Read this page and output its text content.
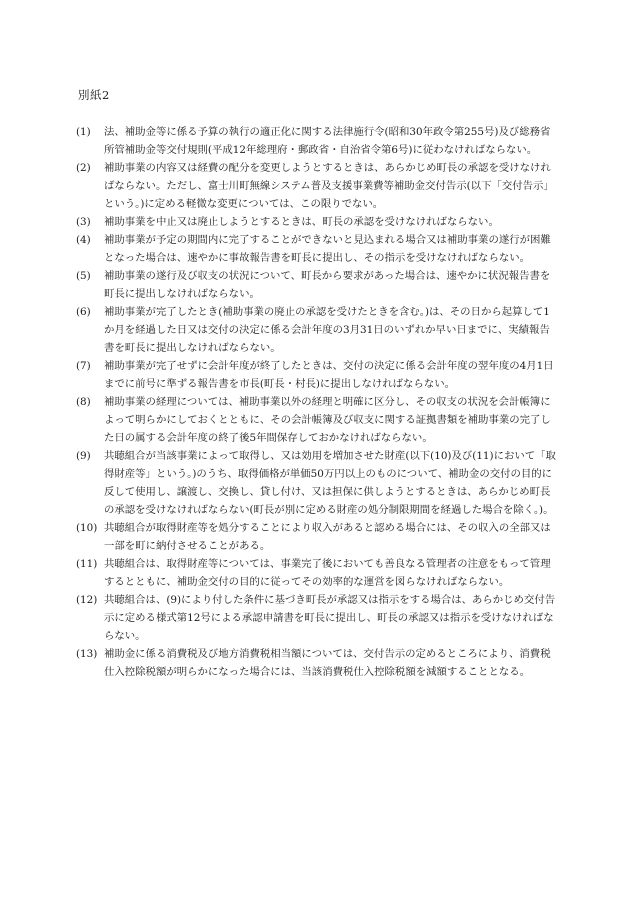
別紙2
(1)	法、補助金等に係る予算の執行の適正化に関する法律施行令(昭和30年政令第255号)及び総務省所管補助金等交付規則(平成12年総理府・郵政省・自治省令第6号)に従わなければならない。
(2)	補助事業の内容又は経費の配分を変更しようとするときは、あらかじめ町長の承認を受けなければならない。ただし、富士川町無線システム普及支援事業費等補助金交付告示(以下「交付告示」という。)に定める軽微な変更については、この限りでない。
(3)	補助事業を中止又は廃止しようとするときは、町長の承認を受けなければならない。
(4)	補助事業が予定の期間内に完了することができないと見込まれる場合又は補助事業の遂行が困難となった場合は、速やかに事故報告書を町長に提出し、その指示を受けなければならない。
(5)	補助事業の遂行及び収支の状況について、町長から要求があった場合は、速やかに状況報告書を町長に提出しなければならない。
(6)	補助事業が完了したとき(補助事業の廃止の承認を受けたときを含む。)は、その日から起算して1か月を経過した日又は交付の決定に係る会計年度の3月31日のいずれか早い日までに、実績報告書を町長に提出しなければならない。
(7)	補助事業が完了せずに会計年度が終了したときは、交付の決定に係る会計年度の翌年度の4月1日までに前号に準ずる報告書を市長(町長・村長)に提出しなければならない。
(8)	補助事業の経理については、補助事業以外の経理と明確に区分し、その収支の状況を会計帳簿によって明らかにしておくとともに、その会計帳簿及び収支に関する証拠書類を補助事業の完了した日の属する会計年度の終了後5年間保存しておかなければならない。
(9)	共聴組合が当該事業によって取得し、又は効用を増加させた財産(以下(10)及び(11)において「取得財産等」という。)のうち、取得価格が単価50万円以上のものについて、補助金の交付の目的に反して使用し、譲渡し、交換し、貸し付け、又は担保に供しようとするときは、あらかじめ町長の承認を受けなければならない(町長が別に定める財産の処分制限期間を経過した場合を除く。)。
(10) 共聴組合が取得財産等を処分することにより収入があると認める場合には、その収入の全部又は一部を町に納付させることがある。
(11) 共聴組合は、取得財産等については、事業完了後においても善良なる管理者の注意をもって管理するとともに、補助金交付の目的に従ってその効率的な運営を図らなければならない。
(12) 共聴組合は、(9)により付した条件に基づき町長が承認又は指示をする場合は、あらかじめ交付告示に定める様式第12号による承認申請書を町長に提出し、町長の承認又は指示を受けなければならない。
(13) 補助金に係る消費税及び地方消費税相当額については、交付告示の定めるところにより、消費税仕入控除税額が明らかになった場合には、当該消費税仕入控除税額を減額することとなる。
